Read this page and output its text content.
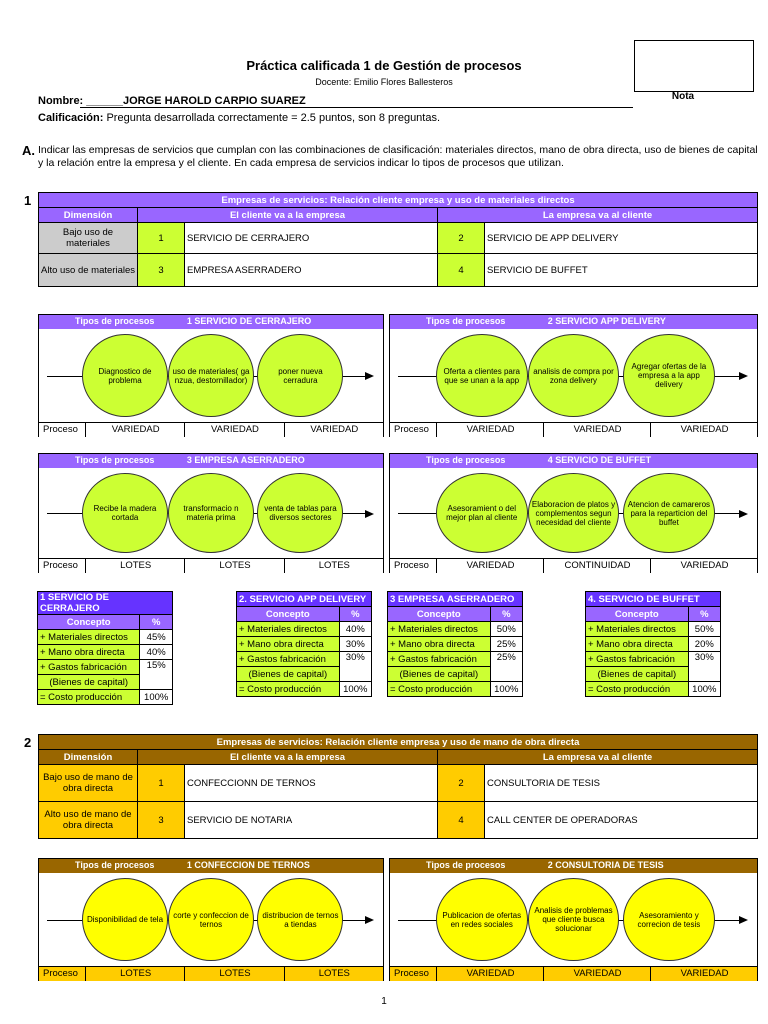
Práctica calificada 1 de Gestión de procesos
Docente: Emilio Flores Ballesteros
Nota
Nombre: ______JORGE HAROLD CARPIO SUAREZ
Calificación: Pregunta desarrollada correctamente = 2.5 puntos, son 8 preguntas.
A. Indicar las empresas de servicios que cumplan con las combinaciones de clasificación: materiales directos, mano de obra directa, uso de bienes de capital y la relación entre la empresa y el cliente. En cada empresa de servicios indicar lo tipos de procesos que utilizan.
1	Empresas de servicios: Relación cliente empresa y uso de materiales directos				
Dimensión	El cliente va a la empresa		La empresa va al cliente	
Bajo uso de materiales	1	SERVICIO DE CERRAJERO	2	SERVICIO DE APP DELIVERY
Alto uso de materiales	3	EMPRESA ASERRADERO	4	SERVICIO DE BUFFET
Tipos de procesos	1 SERVICIO DE CERRAJERO
Diagnostico de problema
uso de materiales( ga nzua, destornillador)
poner nueva cerradura
Proceso	VARIEDAD	VARIEDAD	VARIEDAD
Tipos de procesos	2 SERVICIO APP DELIVERY
Oferta a clientes para que se unan a la app
analisis de compra por zona delivery
Agregar ofertas de la empresa a la app delivery
Proceso	VARIEDAD	VARIEDAD	VARIEDAD
Tipos de procesos	3 EMPRESA ASERRADERO
Recibe la madera cortada
transformacio n materia prima
venta de tablas para diversos sectores
Proceso	LOTES	LOTES	LOTES
Tipos de procesos	4 SERVICIO DE BUFFET
Asesoramient o del mejor plan al cliente
Elaboracion de platos y complementos segun necesidad del cliente
Atencion de camareros para la reparticion del buffet
Proceso	VARIEDAD	CONTINUIDAD	VARIEDAD
Tipos de procesos	1 CONFECCION DE TERNOS
Disponibilidad de tela	corte y confeccion de ternos
distribucion de ternos a tiendas
Proceso	LOTES	LOTES	LOTES
Tipos de procesos	2 CONSULTORIA DE TESIS
Publicacion de ofertas en redes sociales
Analisis de problemas que cliente busca solucionar
Asesoramiento y correcion de tesis
Proceso	VARIEDAD	VARIEDAD	VARIEDAD
1 SERVICIO DE CERRAJERO	
Concepto	%
+ Materiales directos	45%
+ Mano obra directa	40%
+ Gastos fabricación	15%
(Bienes de capital)	
= Costo producción	100%
2. SERVICIO APP DELIVERY	
Concepto	%
+ Materiales directos	40%
+ Mano obra directa	30%
+ Gastos fabricación	30%
(Bienes de capital)	
= Costo producción	100%
3 EMPRESA ASERRADERO	
Concepto	%
+ Materiales directos	50%
+ Mano obra directa	25%
+ Gastos fabricación	25%
(Bienes de capital)	
= Costo producción	100%
4. SERVICIO DE BUFFET	
Concepto	%
+ Materiales directos	50%
+ Mano obra directa	20%
+ Gastos fabricación	30%
(Bienes de capital)	
= Costo producción	100%
2	Empresas de servicios: Relación cliente empresa y uso de mano de obra directa				
Dimensión	El cliente va a la empresa		La empresa va al cliente	
Bajo uso de mano de obra directa	1	CONFECCIONN DE TERNOS	2	CONSULTORIA DE TESIS
Alto uso de mano de obra directa	3	SERVICIO DE NOTARIA	4	CALL CENTER DE OPERADORAS
1
